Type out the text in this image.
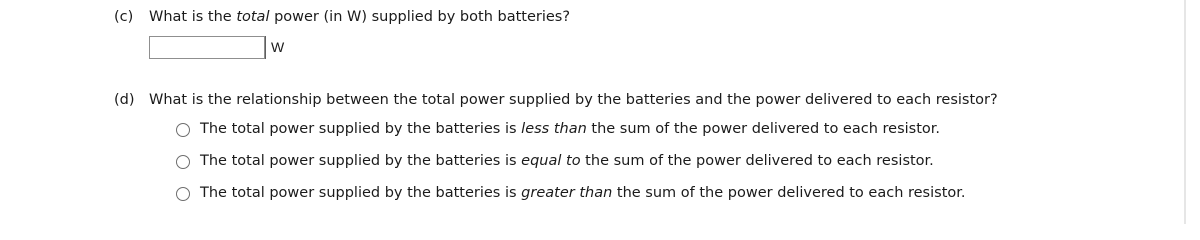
(c) What is the total power (in W) supplied by both batteries?
W
(d) What is the relationship between the total power supplied by the batteries and the power delivered to each resistor?
The total power supplied by the batteries is less than the sum of the power delivered to each resistor.
The total power supplied by the batteries is equal to the sum of the power delivered to each resistor.
The total power supplied by the batteries is greater than the sum of the power delivered to each resistor.
